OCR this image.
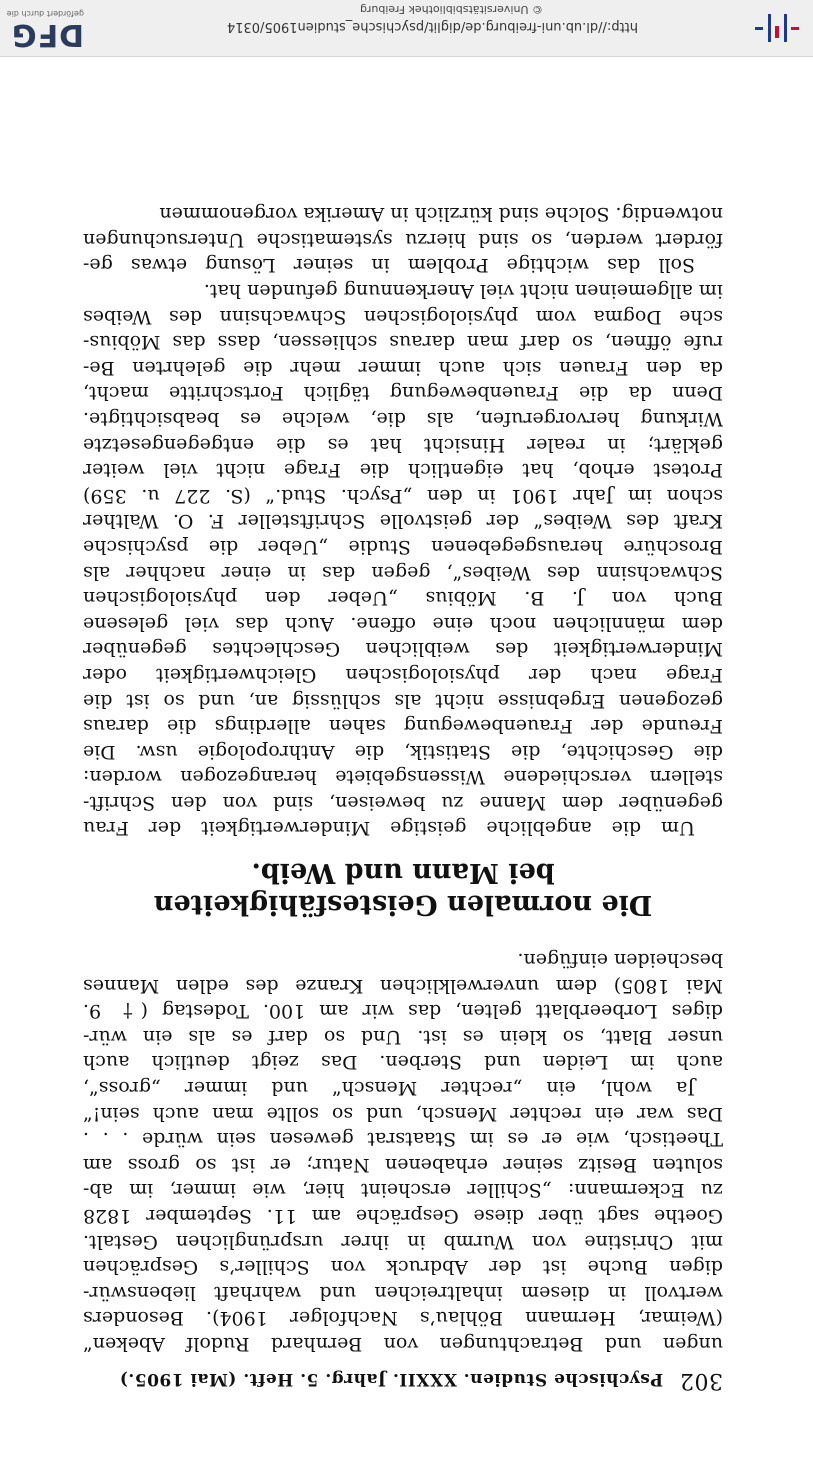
302 Psychische Studien. XXXII. Jahrg. 5. Heft. (Mai 1905.)

ungen und Betrachtungen von Bernhard Rudolf Abeken“
(Weimar, Hermann Böhlau’s Nachfolger 1904). Besonders
wertvoll in diesem inhaltreichen und wahrhaft liebenswür-
digen Buche ist der Abdruck von Schiller’s Gesprächen
mit Christine von Wurmb in ihrer ursprünglichen Gestalt.
Goethe sagt über diese Gespräche am 11. September 1828
zu Eckermann: „Schiller erscheint hier, wie immer, im ab-
soluten Besitz seiner erhabenen Natur; er ist so gross am
Theetisch, wie er es im Staatsrat gewesen sein würde . . .
Das war ein rechter Mensch, und so sollte man auch sein!“
Ja wohl, ein „rechter Mensch“ und immer „gross“,
auch im Leiden und Sterben. Das zeigt deutlich auch
unser Blatt, so klein es ist. Und so darf es als ein wür-
diges Lorbeerblatt gelten, das wir am 100. Todestag († 9.
Mai 1805) dem unverwelklichen Kranze des edlen Mannes
bescheiden einfügen.

Die normalen Geistesfähigkeiten
bei Mann und Weib.

Um die angebliche geistige Minderwertigkeit der Frau
gegenüber dem Manne zu beweisen, sind von den Schrift-
stellern verschiedene Wissensgebiete herangezogen worden:
die Geschichte, die Statistik, die Anthropologie usw. Die
Freunde der Frauenbewegung sahen allerdings die daraus
gezogenen Ergebnisse nicht als schlüssig an, und so ist die
Frage nach der physiologischen Gleichwertigkeit oder
Minderwertigkeit des weiblichen Geschlechtes gegenüber
dem männlichen noch eine offene. Auch das viel gelesene
Buch von J. B. Möbius „Ueber den physiologischen
Schwachsinn des Weibes“, gegen das in einer nachher als
Broschüre herausgegebenen Studie „Ueber die psychische
Kraft des Weibes“ der geistvolle Schriftsteller F. O. Walther
schon im Jahr 1901 in den „Psych. Stud.“ (S. 227 u. 359)
Protest erhob, hat eigentlich die Frage nicht viel weiter
geklärt; in realer Hinsicht hat es die entgegengesetzte
Wirkung hervorgerufen, als die, welche es beabsichtigte.
Denn da die Frauenbewegung täglich Fortschritte macht,
da den Frauen sich auch immer mehr die gelehrten Be-
rufe öffnen, so darf man daraus schliessen, dass das Möbius-
sche Dogma vom physiologischen Schwachsinn des Weibes
im allgemeinen nicht viel Anerkennung gefunden hat.

Soll das wichtige Problem in seiner Lösung etwas ge-
fördert werden, so sind hierzu systematische Untersuchungen
notwendig. Solche sind kürzlich in Amerika vorgenommen

http://dl.ub.uni-freiburg.de/diglit/psychische_studien1905/0314
© Universitätsbibliothek Freiburg
DFG
gefördert durch die
